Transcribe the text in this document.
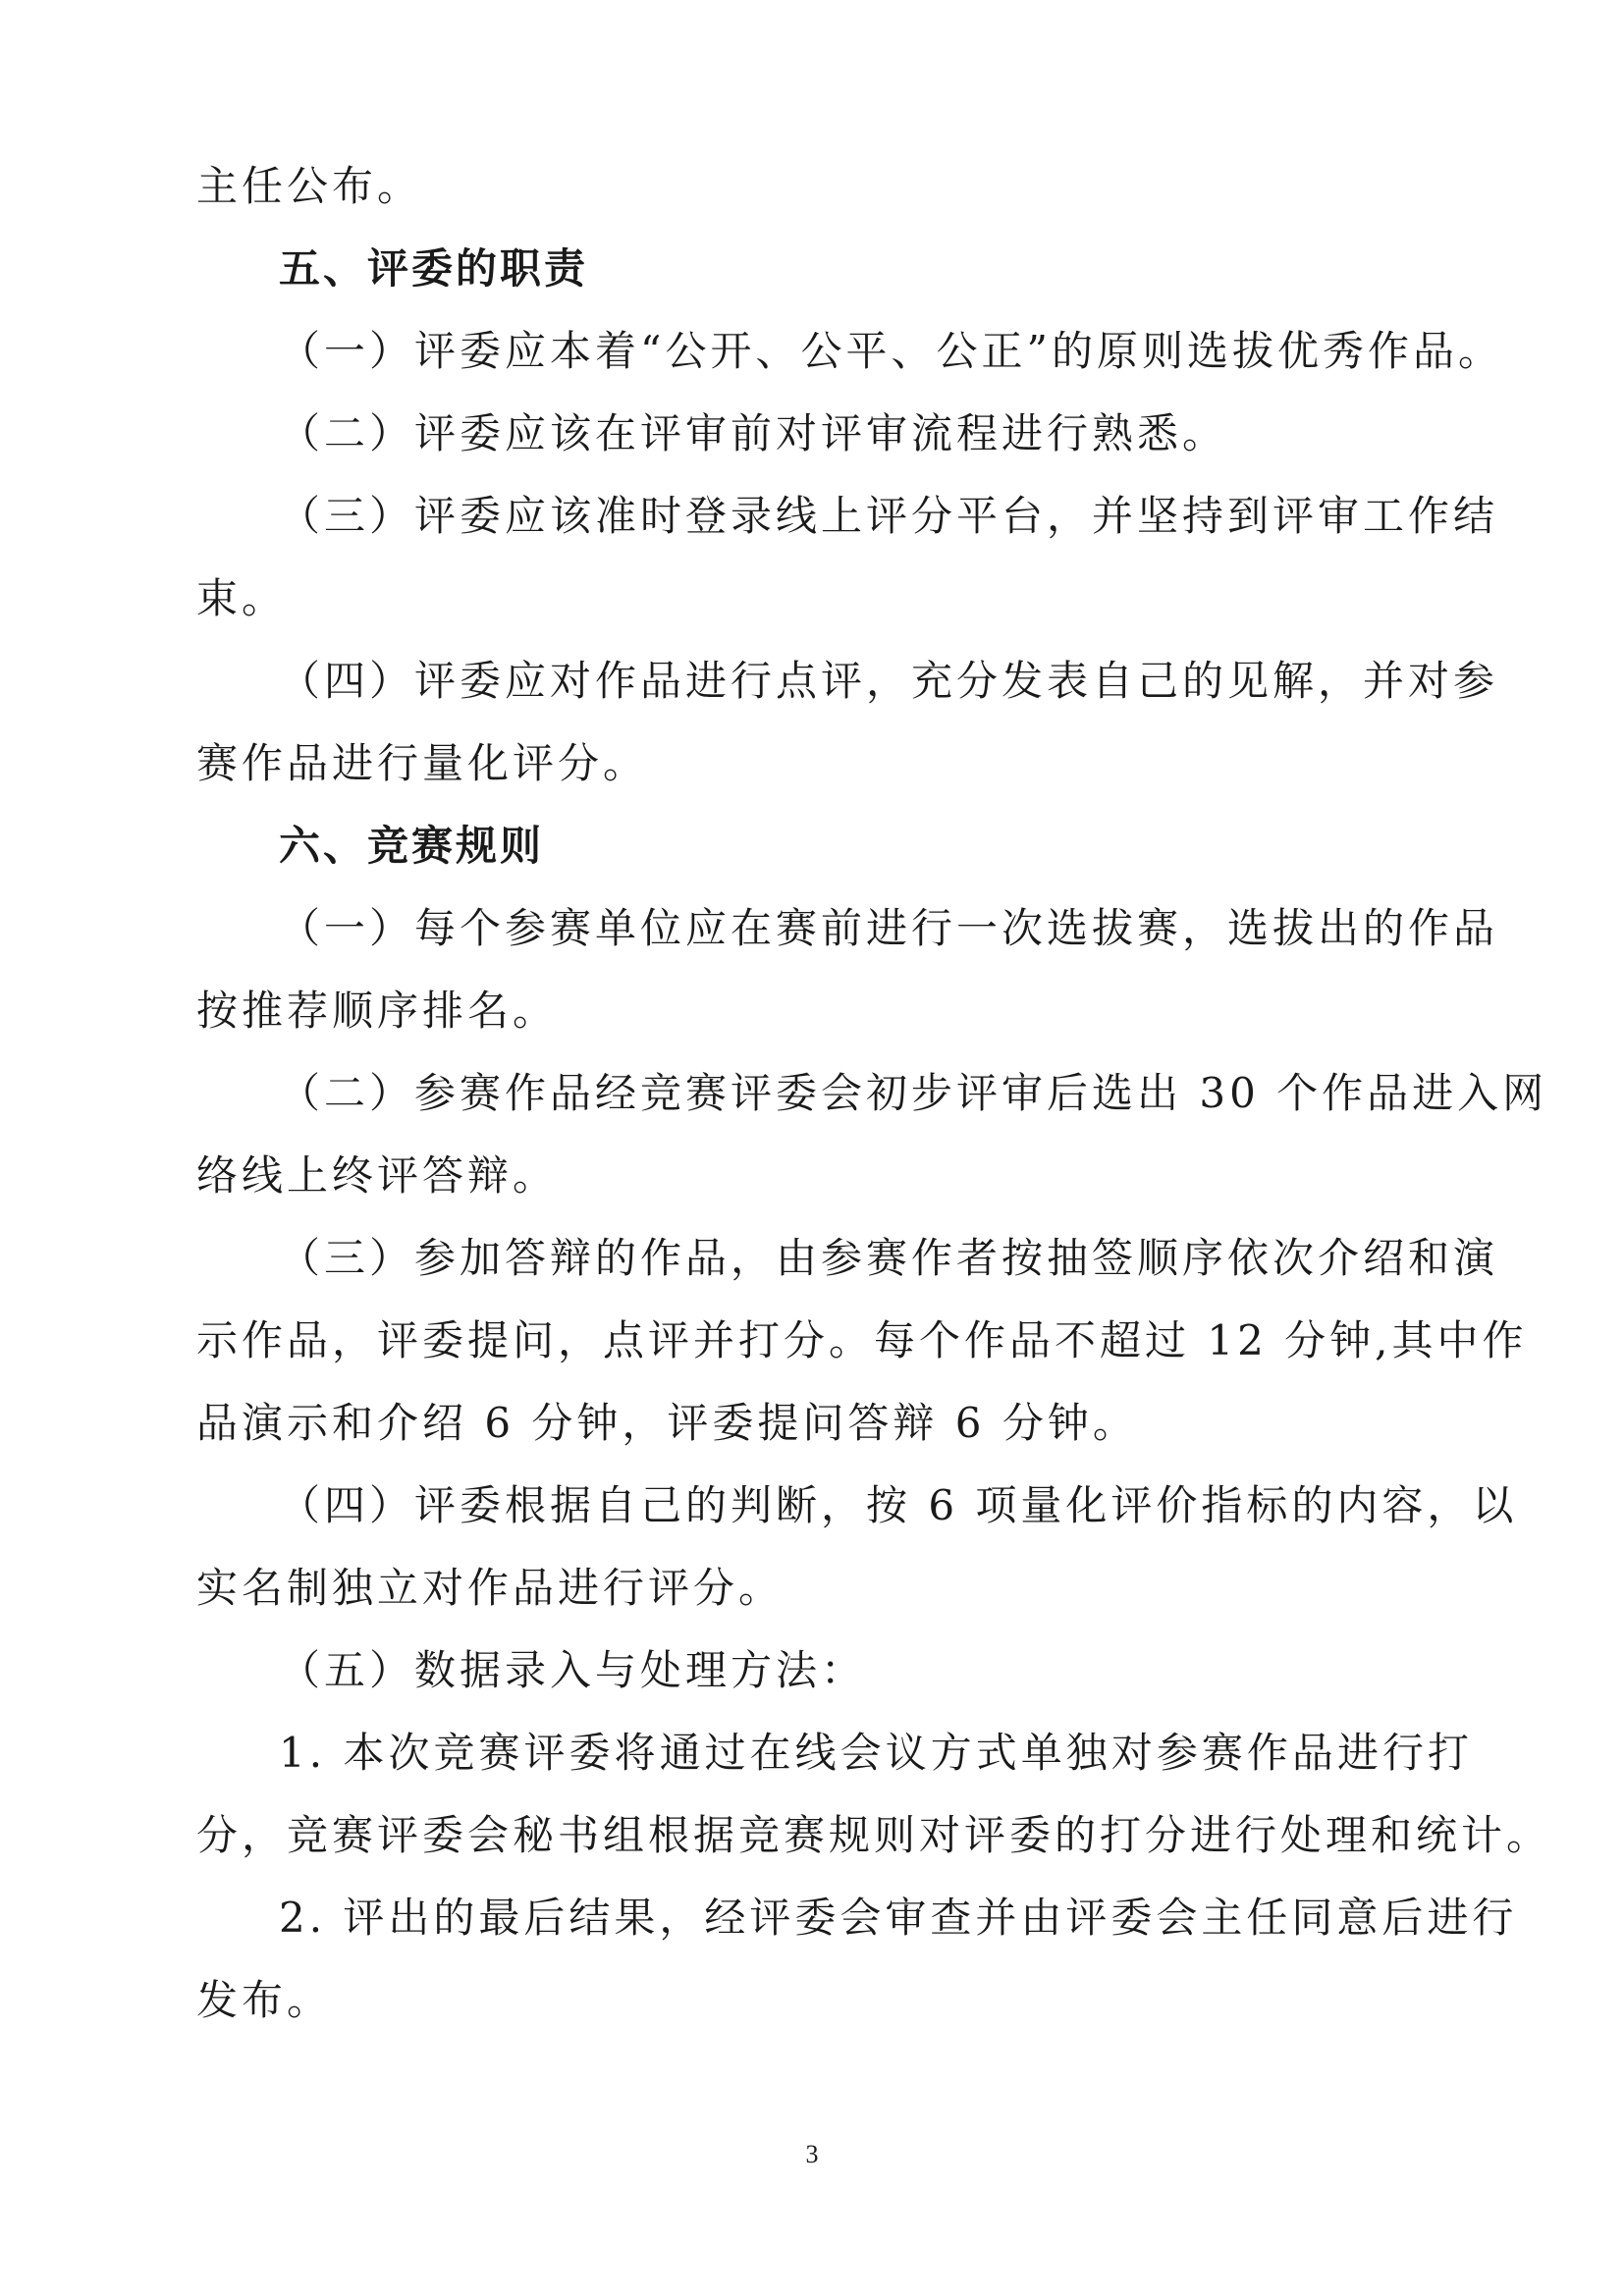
主任公布。
五、评委的职责
（一）评委应本着“公开、公平、公正”的原则选拔优秀作品。
（二）评委应该在评审前对评审流程进行熟悉。
（三）评委应该准时登录线上评分平台，并坚持到评审工作结
束。
（四）评委应对作品进行点评，充分发表自己的见解，并对参
赛作品进行量化评分。
六、竞赛规则
（一）每个参赛单位应在赛前进行一次选拔赛，选拔出的作品
按推荐顺序排名。
（二）参赛作品经竞赛评委会初步评审后选出 30 个作品进入网
络线上终评答辩。
（三）参加答辩的作品，由参赛作者按抽签顺序依次介绍和演
示作品，评委提问，点评并打分。每个作品不超过 12 分钟,其中作
品演示和介绍 6 分钟，评委提问答辩 6 分钟。
（四）评委根据自己的判断，按 6 项量化评价指标的内容，以
实名制独立对作品进行评分。
（五）数据录入与处理方法：
1. 本次竞赛评委将通过在线会议方式单独对参赛作品进行打
分，竞赛评委会秘书组根据竞赛规则对评委的打分进行处理和统计。
2. 评出的最后结果，经评委会审查并由评委会主任同意后进行
发布。
3
